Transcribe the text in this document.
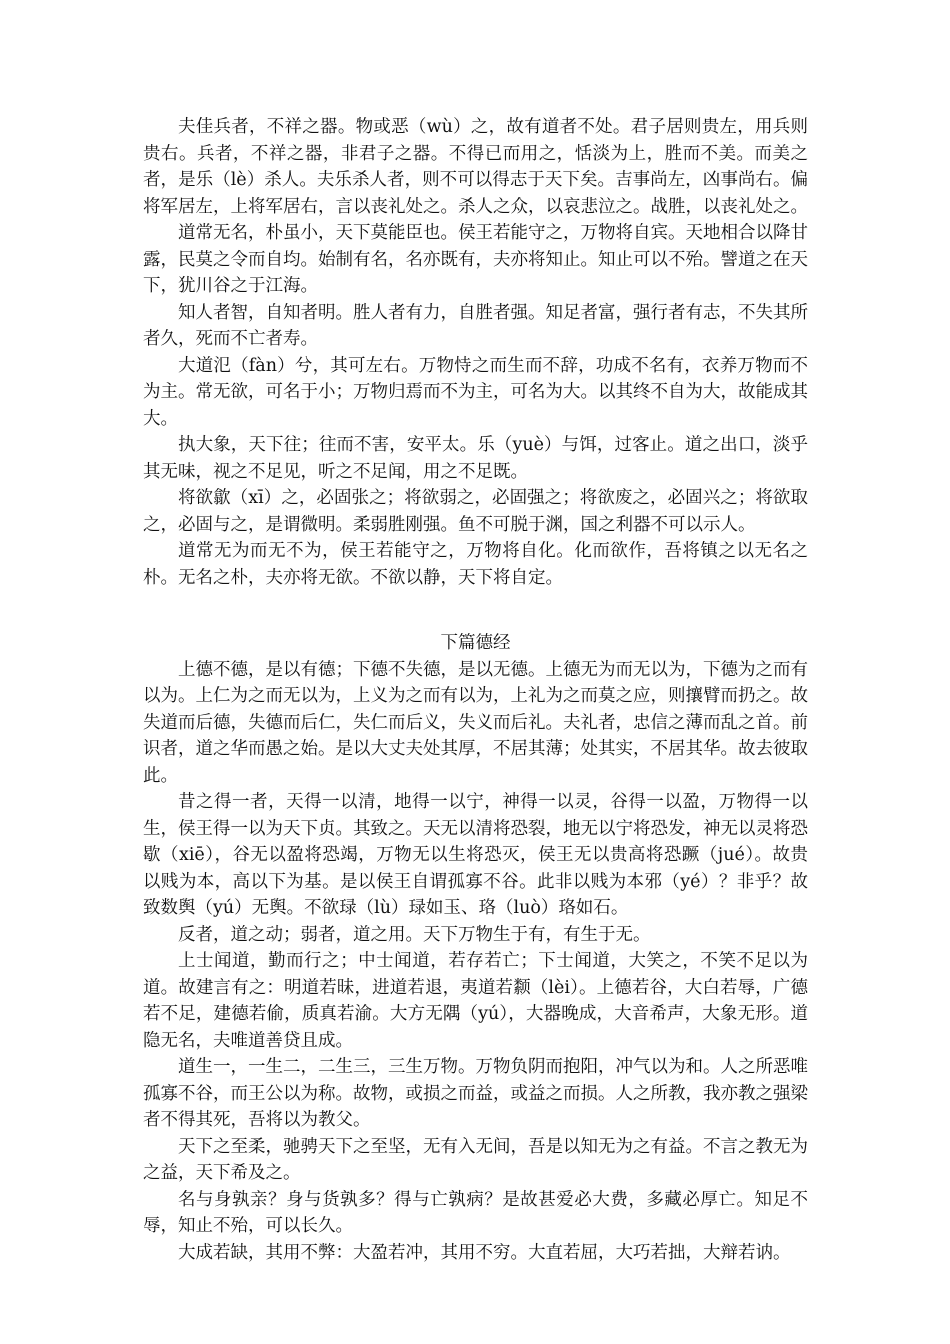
夫佳兵者，不祥之器。物或恶（wù）之，故有道者不处。君子居则贵左，用兵则贵右。兵者，不祥之器，非君子之器。不得已而用之，恬淡为上，胜而不美。而美之者，是乐（lè）杀人。夫乐杀人者，则不可以得志于天下矣。吉事尚左，凶事尚右。偏将军居左，上将军居右，言以丧礼处之。杀人之众，以哀悲泣之。战胜，以丧礼处之。

道常无名，朴虽小，天下莫能臣也。侯王若能守之，万物将自宾。天地相合以降甘露，民莫之令而自均。始制有名，名亦既有，夫亦将知止。知止可以不殆。譬道之在天下，犹川谷之于江海。

知人者智，自知者明。胜人者有力，自胜者强。知足者富，强行者有志，不失其所者久，死而不亡者寿。

大道氾（fàn）兮，其可左右。万物恃之而生而不辞，功成不名有，衣养万物而不为主。常无欲，可名于小；万物归焉而不为主，可名为大。以其终不自为大，故能成其大。

执大象，天下往；往而不害，安平太。乐（yuè）与饵，过客止。道之出口，淡乎其无味，视之不足见，听之不足闻，用之不足既。

将欲歙（xī）之，必固张之；将欲弱之，必固强之；将欲废之，必固兴之；将欲取之，必固与之，是谓微明。柔弱胜刚强。鱼不可脱于渊，国之利器不可以示人。

道常无为而无不为，侯王若能守之，万物将自化。化而欲作，吾将镇之以无名之朴。无名之朴，夫亦将无欲。不欲以静，天下将自定。

下篇德经

上德不德，是以有德；下德不失德，是以无德。上德无为而无以为，下德为之而有以为。上仁为之而无以为，上义为之而有以为，上礼为之而莫之应，则攘臂而扔之。故失道而后德，失德而后仁，失仁而后义，失义而后礼。夫礼者，忠信之薄而乱之首。前识者，道之华而愚之始。是以大丈夫处其厚，不居其薄；处其实，不居其华。故去彼取此。

昔之得一者，天得一以清，地得一以宁，神得一以灵，谷得一以盈，万物得一以生，侯王得一以为天下贞。其致之。天无以清将恐裂，地无以宁将恐发，神无以灵将恐歇（xiē），谷无以盈将恐竭，万物无以生将恐灭，侯王无以贵高将恐蹶（jué）。故贵以贱为本，高以下为基。是以侯王自谓孤寡不谷。此非以贱为本邪（yé）？非乎？故致数舆（yú）无舆。不欲琭（lù）琭如玉、珞（luò）珞如石。

反者，道之动；弱者，道之用。天下万物生于有，有生于无。

上士闻道，勤而行之；中士闻道，若存若亡；下士闻道，大笑之，不笑不足以为道。故建言有之：明道若昧，进道若退，夷道若颣（lèi）。上德若谷，大白若辱，广德若不足，建德若偷，质真若渝。大方无隅（yú），大器晚成，大音希声，大象无形。道隐无名，夫唯道善贷且成。

道生一，一生二，二生三，三生万物。万物负阴而抱阳，冲气以为和。人之所恶唯孤寡不谷，而王公以为称。故物，或损之而益，或益之而损。人之所教，我亦教之强梁者不得其死，吾将以为教父。

天下之至柔，驰骋天下之至坚，无有入无间，吾是以知无为之有益。不言之教无为之益，天下希及之。

名与身孰亲？身与货孰多？得与亡孰病？是故甚爱必大费，多藏必厚亡。知足不辱，知止不殆，可以长久。

大成若缺，其用不弊：大盈若冲，其用不穷。大直若屈，大巧若拙，大辩若讷。
